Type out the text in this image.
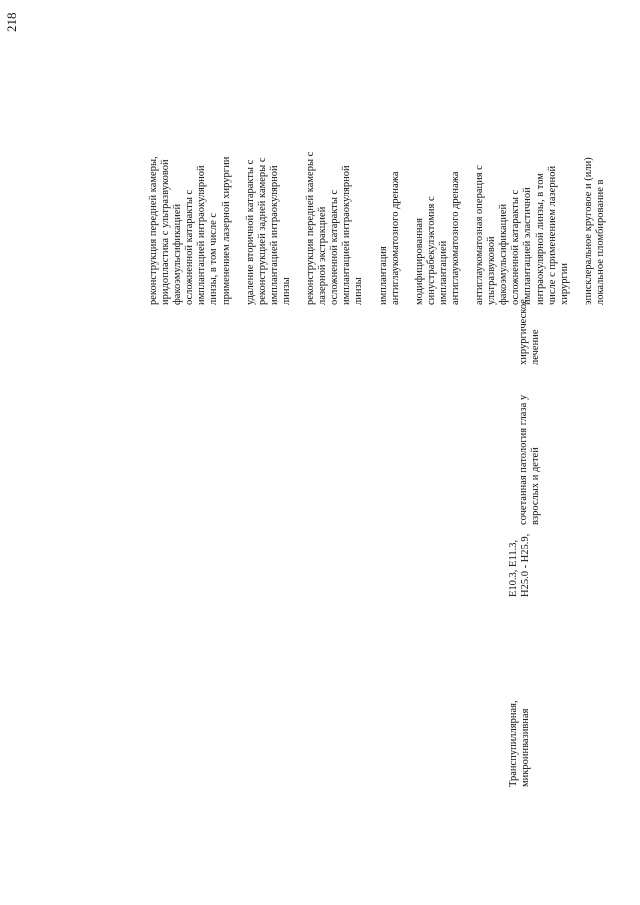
218
Транспупиллярная, микроинвазивная
E10.3, E11.3, H25.0 - H25.9,
сочетанная патология глаза у взрослых и детей
хирургическое лечение
реконструкция передней камеры, иридопластика с ультразвуковой факоэмульсификацией осложненной катаракты с имплантацией интраокулярной линзы, в том числе с применением лазерной хирургии удаление вторичной катаракты с реконструкцией задней камеры с имплантацией интраокулярной линзы реконструкция передней камеры с лазерной экстракцией осложненной катаракты с имплантацией интраокулярной линзы имплантация антиглаукоматозного дренажа модифицированная синустрабекулэктомия с имплантацией антиглаукоматозного дренажа антиглаукоматозная операция с ультразвуковой факоэмульсификацией осложненной катаракты с имплантацией эластичной интраокулярной линзы, в том числе с применением лазерной хирургии эписклеральное круговое и (или) локальное пломбирование в
